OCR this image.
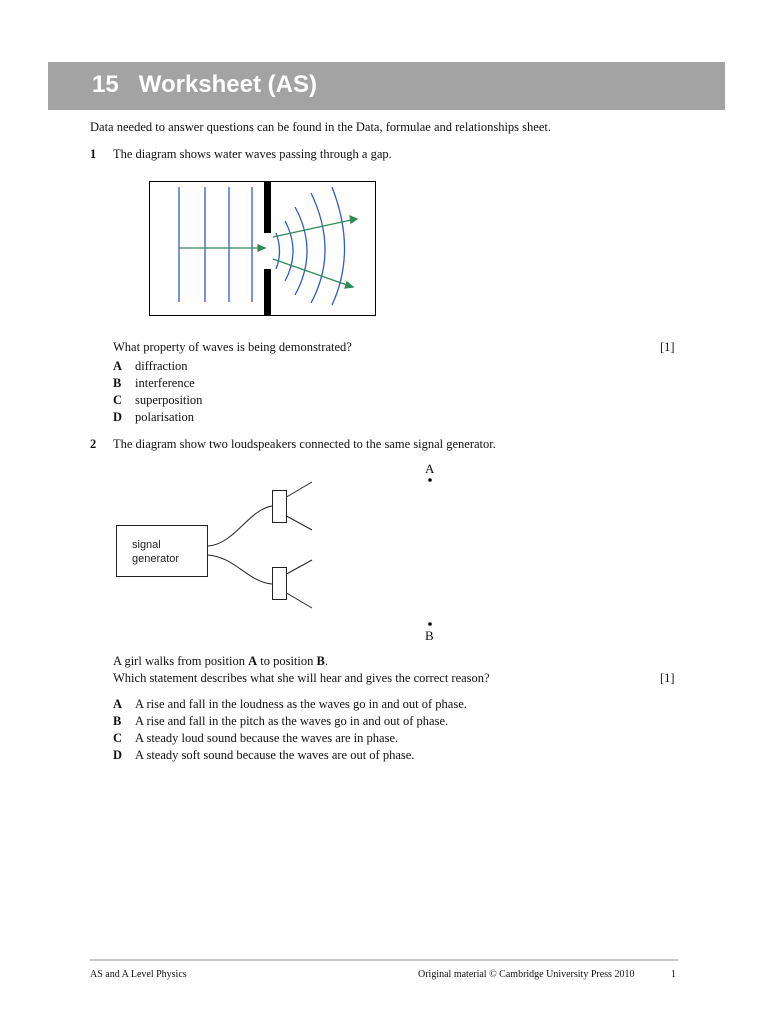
15 Worksheet (AS)
Data needed to answer questions can be found in the Data, formulae and relationships sheet.
1 The diagram shows water waves passing through a gap.
What property of waves is being demonstrated?	[1]
A diffraction
B interference
C superposition
D polarisation
2 The diagram show two loudspeakers connected to the same signal generator.
A
B
signal
generator
A girl walks from position A to position B.
Which statement describes what she will hear and gives the correct reason?	[1]
A A rise and fall in the loudness as the waves go in and out of phase.
B A rise and fall in the pitch as the waves go in and out of phase.
C A steady loud sound because the waves are in phase.
D A steady soft sound because the waves are out of phase.
AS and A Level Physics	Original material © Cambridge University Press 2010	1
